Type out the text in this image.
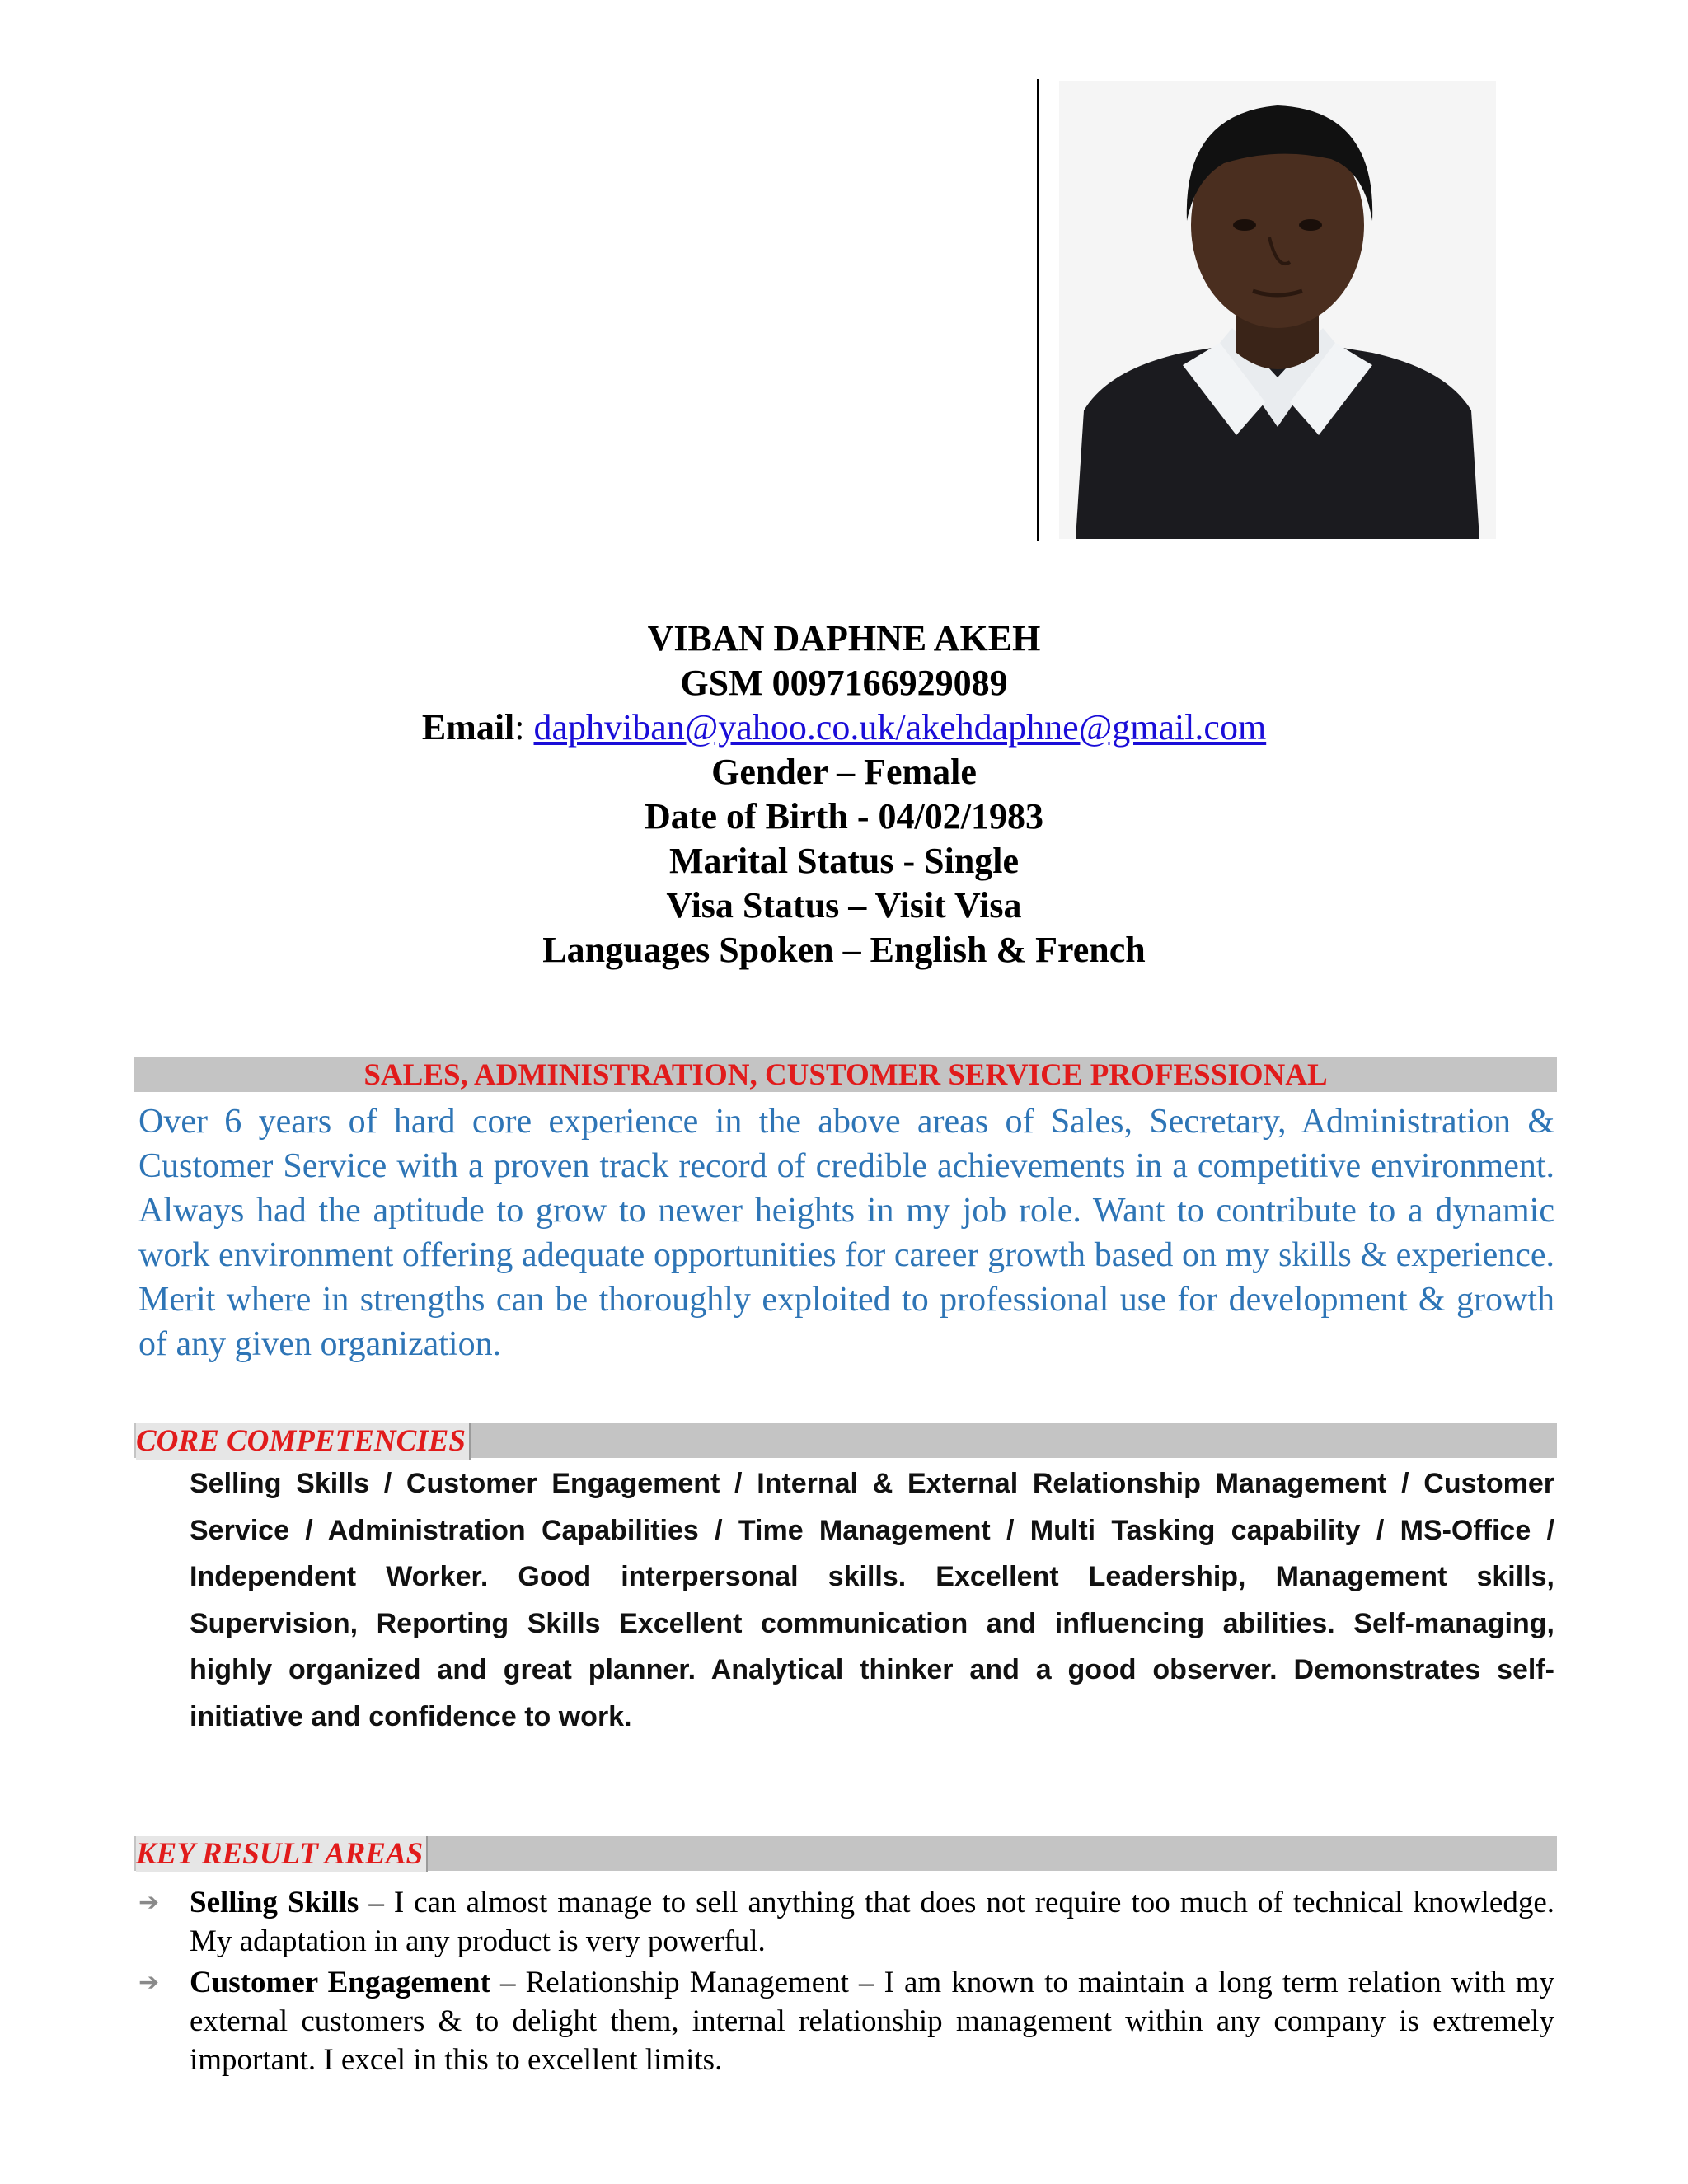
VIBAN DAPHNE AKEH
GSM 0097166929089
Email: daphviban@yahoo.co.uk/akehdaphne@gmail.com
Gender – Female
Date of Birth - 04/02/1983
Marital Status - Single
Visa Status – Visit Visa
Languages Spoken – English & French
SALES, ADMINISTRATION, CUSTOMER SERVICE PROFESSIONAL
Over 6 years of hard core experience in the above areas of Sales, Secretary, Administration & Customer Service with a proven track record of credible achievements in a competitive environment. Always had the aptitude to grow to newer heights in my job role. Want to contribute to a dynamic work environment offering adequate opportunities for career growth based on my skills & experience. Merit where in strengths can be thoroughly exploited to professional use for development & growth of any given organization.
CORE COMPETENCIES
Selling Skills / Customer Engagement / Internal & External Relationship Management / Customer Service / Administration Capabilities / Time Management / Multi Tasking capability / MS-Office / Independent Worker. Good interpersonal skills. Excellent Leadership, Management skills, Supervision, Reporting Skills Excellent communication and influencing abilities. Self-managing, highly organized and great planner. Analytical thinker and a good observer. Demonstrates self-initiative and confidence to work.
KEY RESULT AREAS
➔ Selling Skills – I can almost manage to sell anything that does not require too much of technical knowledge. My adaptation in any product is very powerful.
➔ Customer Engagement – Relationship Management – I am known to maintain a long term relation with my external customers & to delight them, internal relationship management within any company is extremely important. I excel in this to excellent limits.
